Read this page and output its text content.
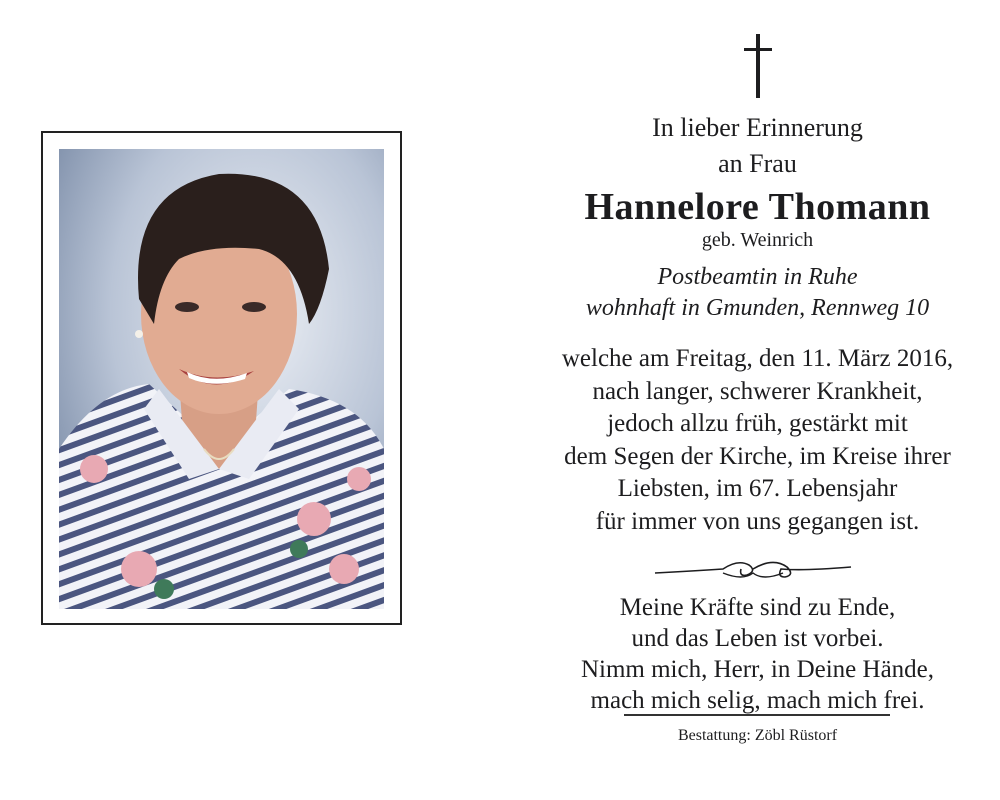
In lieber Erinnerung
an Frau
Hannelore Thomann
geb. Weinrich
Postbeamtin in Ruhe
wohnhaft in Gmunden, Rennweg 10
welche am Freitag, den 11. März 2016,
nach langer, schwerer Krankheit,
jedoch allzu früh, gestärkt mit
dem Segen der Kirche, im Kreise ihrer
Liebsten, im 67. Lebensjahr
für immer von uns gegangen ist.
Meine Kräfte sind zu Ende,
und das Leben ist vorbei.
Nimm mich, Herr, in Deine Hände,
mach mich selig, mach mich frei.
Bestattung: Zöbl Rüstorf
